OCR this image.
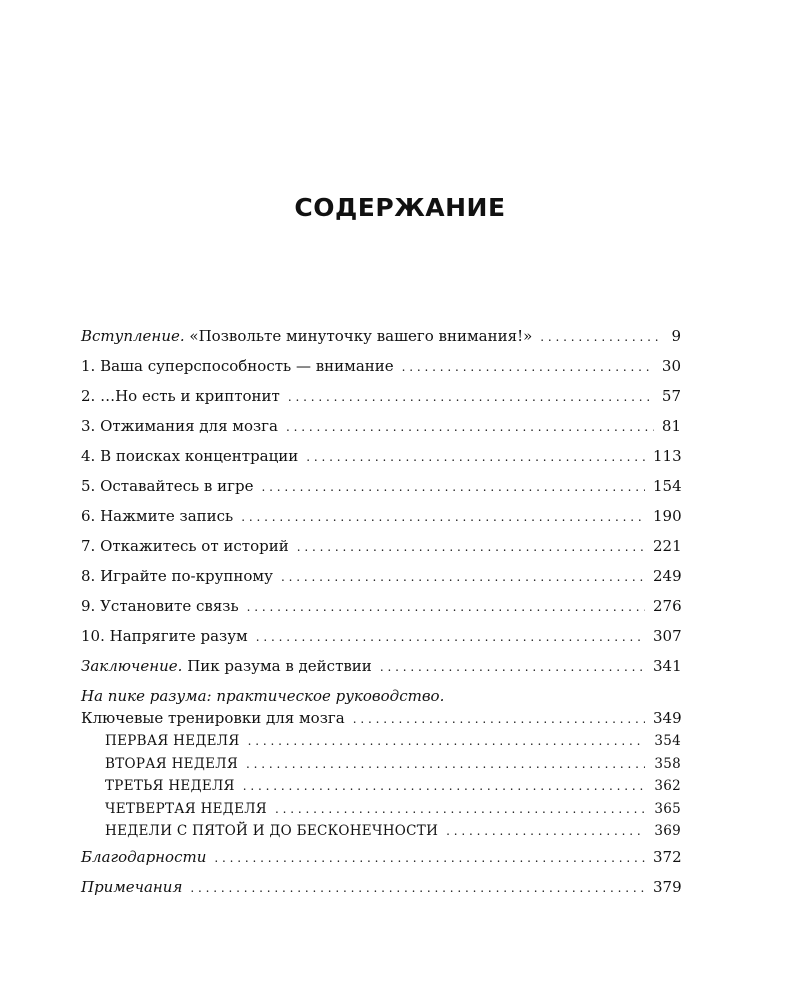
СОДЕРЖАНИЕ
Вступление. «Позвольте минуточку вашего внимания!» . . .	9
1. Ваша суперспособность — внимание . . .	30
2. …Но есть и криптонит . . .	57
3. Отжимания для мозга . . .	81
4. В поисках концентрации . . .	113
5. Оставайтесь в игре . . .	154
6. Нажмите запись . . .	190
7. Откажитесь от историй . . .	221
8. Играйте по-крупному . . .	249
9. Установите связь . . .	276
10. Напрягите разум . . .	307
Заключение. Пик разума в действии . . .	341
На пике разума: практическое руководство.
Ключевые тренировки для мозга . . .	349
ПЕРВАЯ НЕДЕЛЯ . . .	354
ВТОРАЯ НЕДЕЛЯ . . .	358
ТРЕТЬЯ НЕДЕЛЯ . . .	362
ЧЕТВЕРТАЯ НЕДЕЛЯ . . .	365
НЕДЕЛИ С ПЯТОЙ И ДО БЕСКОНЕЧНОСТИ . . .	369
Благодарности . . .	372
Примечания . . .	379
